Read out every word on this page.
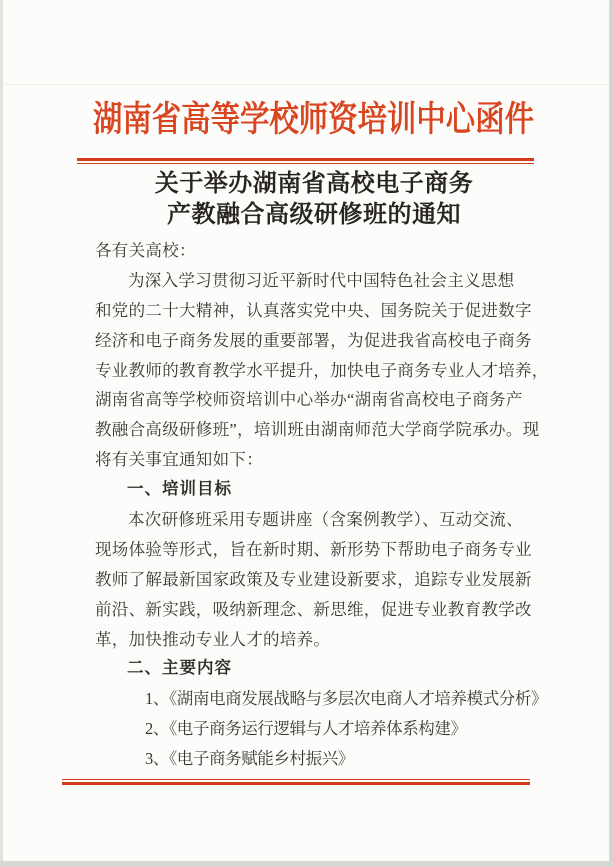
湖南省高等学校师资培训中心函件
关于举办湖南省高校电子商务
产教融合高级研修班的通知
各有关高校：
为深入学习贯彻习近平新时代中国特色社会主义思想
和党的二十大精神，认真落实党中央、国务院关于促进数字
经济和电子商务发展的重要部署，为促进我省高校电子商务
专业教师的教育教学水平提升，加快电子商务专业人才培养，
湖南省高等学校师资培训中心举办“湖南省高校电子商务产
教融合高级研修班”，培训班由湖南师范大学商学院承办。现
将有关事宜通知如下：
一、培训目标
本次研修班采用专题讲座（含案例教学）、互动交流、
现场体验等形式，旨在新时期、新形势下帮助电子商务专业
教师了解最新国家政策及专业建设新要求，追踪专业发展新
前沿、新实践，吸纳新理念、新思维，促进专业教育教学改
革，加快推动专业人才的培养。
二、主要内容
1、《湖南电商发展战略与多层次电商人才培养模式分析》
2、《电子商务运行逻辑与人才培养体系构建》
3、《电子商务赋能乡村振兴》
